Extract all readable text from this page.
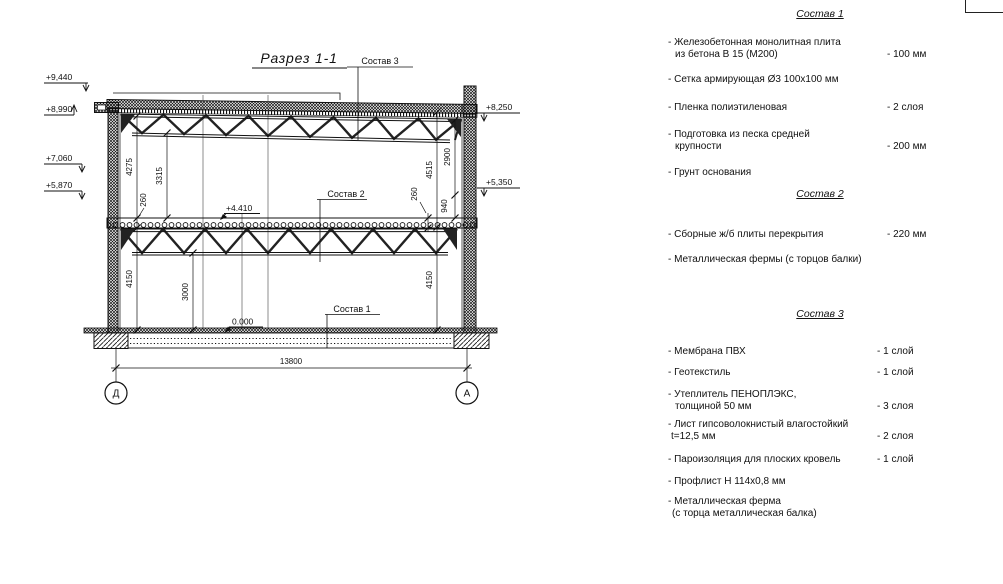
4275
3315
260
4150
3000
4515
2900
940
260
4150
13800
+9,440
+8,990
+7,060
+5,870
+8,250
+5,350
+4.410
0.000
Состав 3
Состав 2
Состав 1
Разрез 1-1
Д	А
Состав 1
- Железобетонная монолитная плита
из бетона В 15 (М200)	- 100 мм
- Сетка армирующая Ø3 100х100 мм
- Пленка полиэтиленовая	- 2 слоя
- Подготовка из песка средней
крупности	- 200 мм
- Грунт основания
Состав 2
- Сборные ж/б плиты перекрытия	- 220 мм
- Металлическая фермы (с торцов балки)
Состав 3
- Мембрана ПВХ	- 1 слой
- Геотекстиль	- 1 слой
- Утеплитель ПЕНОПЛЭКС,
толщиной 50 мм	- 3 слоя
- Лист гипсоволокнистый влагостойкий
t=12,5 мм	- 2 слоя
- Пароизоляция для плоских кровель	- 1 слой
- Профлист Н 114х0,8 мм
- Металлическая ферма
(с торца металлическая балка)
